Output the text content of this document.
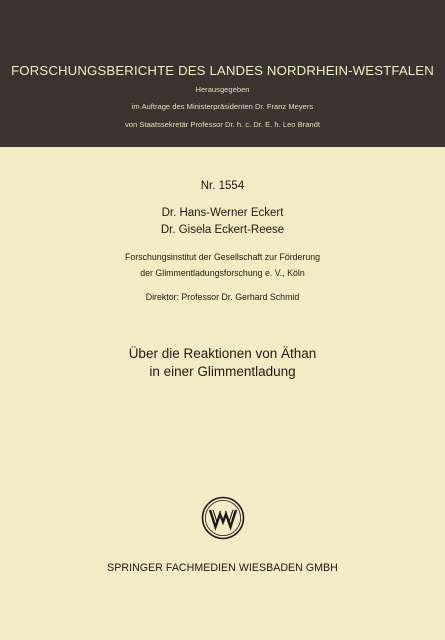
FORSCHUNGSBERICHTE DES LANDES NORDRHEIN-WESTFALEN
Herausgegeben
im Auftrage des Ministerpräsidenten Dr. Franz Meyers
von Staatssekretär Professor Dr. h. c. Dr. E. h. Leo Brandt
Nr. 1554
Dr. Hans-Werner Eckert
Dr. Gisela Eckert-Reese
Forschungsinstitut der Gesellschaft zur Förderung
der Glimmentladungsforschung e. V., Köln
Direktor: Professor Dr. Gerhard Schmid
Über die Reaktionen von Äthan
in einer Glimmentladung
SPRINGER FACHMEDIEN WIESBADEN GMBH
